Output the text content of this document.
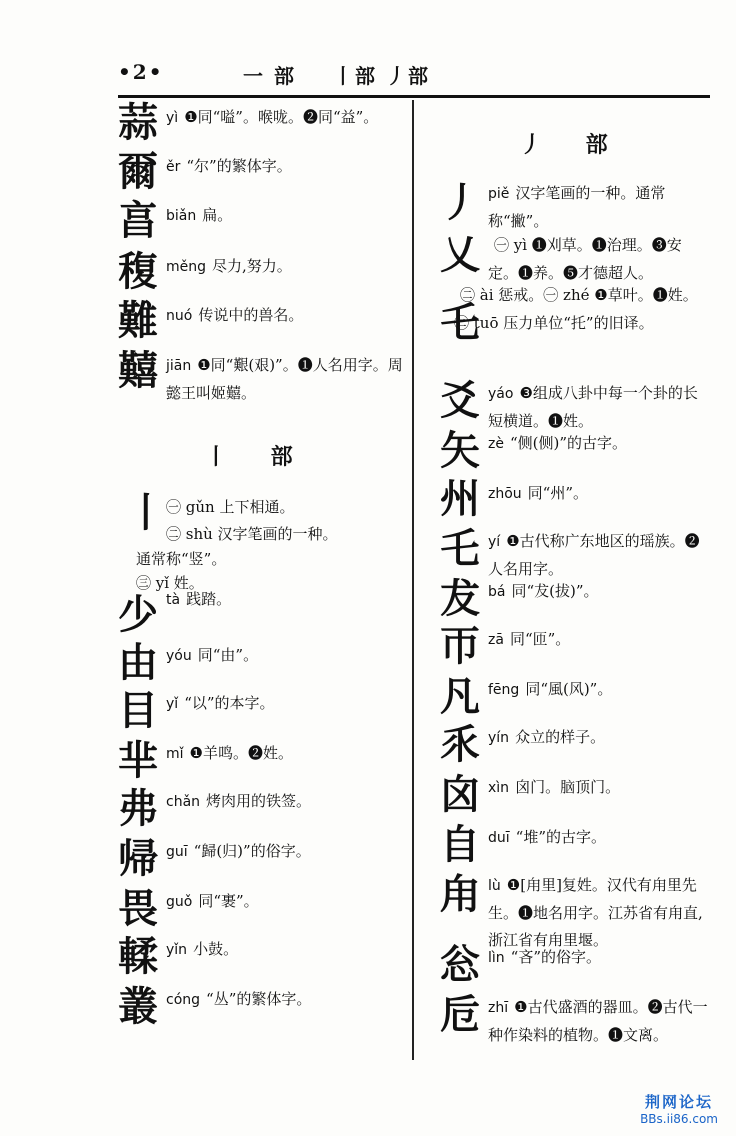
•2•	一 部 丨部 丿部
蒜 yì ❶同“嗌”。喉咙。❷同“益”。
爾 ěr “尔”的繁体字。
亯 biǎn 扁。
稪 měng 尽力,努力。
難 nuó 传说中的兽名。
囏 jiān ❶同“艱(艰)”。❶人名用字。周懿王叫姬囏。
丨 部
丨 ㊀ gǔn 上下相通。
㊁ shù 汉字笔画的一种。
通常称“竖”。
㊂ yǐ 姓。
少 tà 践踏。
由 yóu 同“由”。
目 yǐ “以”的本字。
芈 mǐ ❶羊鸣。❷姓。
弗 chǎn 烤肉用的铁签。
帰 guī “歸(归)”的俗字。
畏 guǒ 同“裹”。
輮 yǐn 小鼓。
叢 cóng “丛”的繁体字。
丿 部
丿 piě 汉字笔画的一种。通常称“撇”。
乂 ㊀ yì ❶刈草。❶治理。❸安定。❶养。❺才德超人。
乇
㊁ ài 惩戒。㊀ zhé ❶草叶。❶姓。㊁ tuō 压力单位“托”的旧译。
爻 yáo ❸组成八卦中每一个卦的长短横道。❶姓。
矢 zè “侧(侧)”的古字。
州 zhōu 同“州”。
乇 yí ❶古代称广东地区的瑶族。❷人名用字。
犮 bá 同“犮(拔)”。
帀 zā 同“匝”。
凡 fēng 同“風(风)”。
乑 yín 众立的样子。
囟 xìn 囟门。脑顶门。
自 duī “堆”的古字。
甪 lù ❶[甪里]复姓。汉代有甪里先生。❶地名用字。江苏省有甪直,浙江省有甪里堰。
忩 lìn “吝”的俗字。
卮 zhī ❶古代盛酒的器皿。❷古代一种作染料的植物。❶文离。
荆网论坛
BBs.ii86.com
